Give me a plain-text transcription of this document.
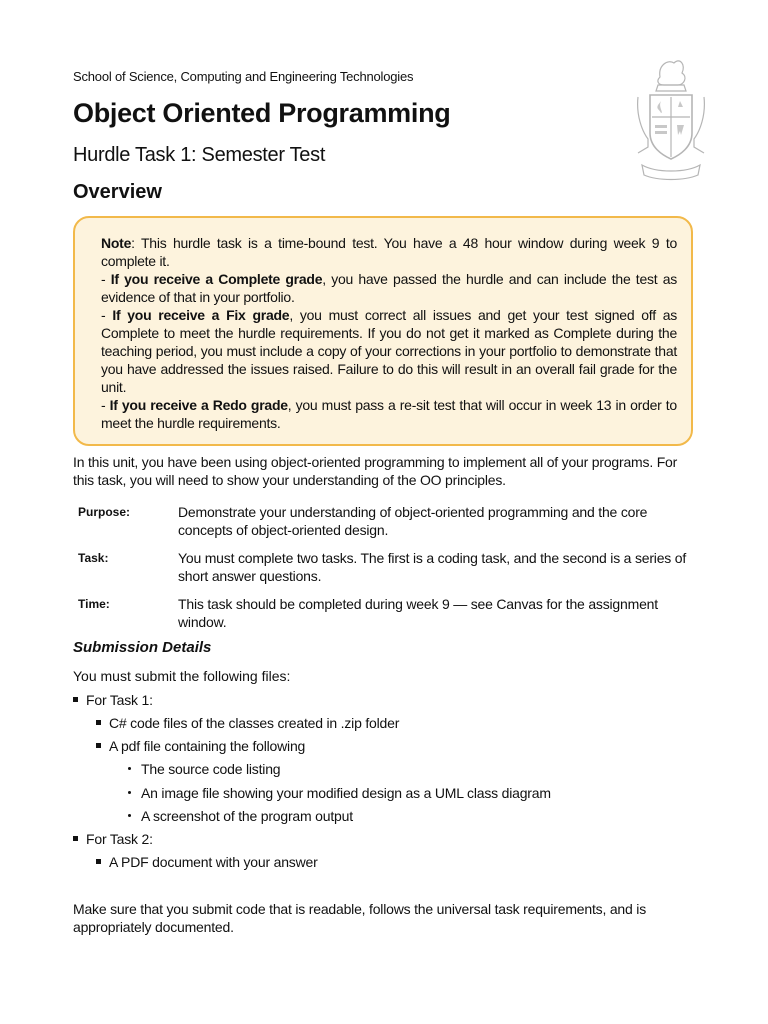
School of Science, Computing and Engineering Technologies
Object Oriented Programming
Hurdle Task 1: Semester Test
Overview

Note: This hurdle task is a time-bound test. You have a 48 hour window during week 9 to complete it.

- If you receive a Complete grade, you have passed the hurdle and can include the test as evidence of that in your portfolio.

- If you receive a Fix grade, you must correct all issues and get your test signed off as Complete to meet the hurdle requirements. If you do not get it marked as Complete during the teaching period, you must include a copy of your corrections in your portfolio to demonstrate that you have addressed the issues raised. Failure to do this will result in an overall fail grade for the unit.

- If you receive a Redo grade, you must pass a re-sit test that will occur in week 13 in order to meet the hurdle requirements.

In this unit, you have been using object-oriented programming to implement all of your programs. For this task, you will need to show your understanding of the OO principles.
Purpose:	Demonstrate your understanding of object-oriented programming and the core concepts of object-oriented design.
Task:	You must complete two tasks. The first is a coding task, and the second is a series of short answer questions.
Time:	This task should be completed during week 9 — see Canvas for the assignment window.
Submission Details
You must submit the following files:
For Task 1:
C# code files of the classes created in .zip folder
A pdf file containing the following
The source code listing
An image file showing your modified design as a UML class diagram
A screenshot of the program output
For Task 2:
A PDF document with your answer
Make sure that you submit code that is readable, follows the universal task requirements, and is appropriately documented.
